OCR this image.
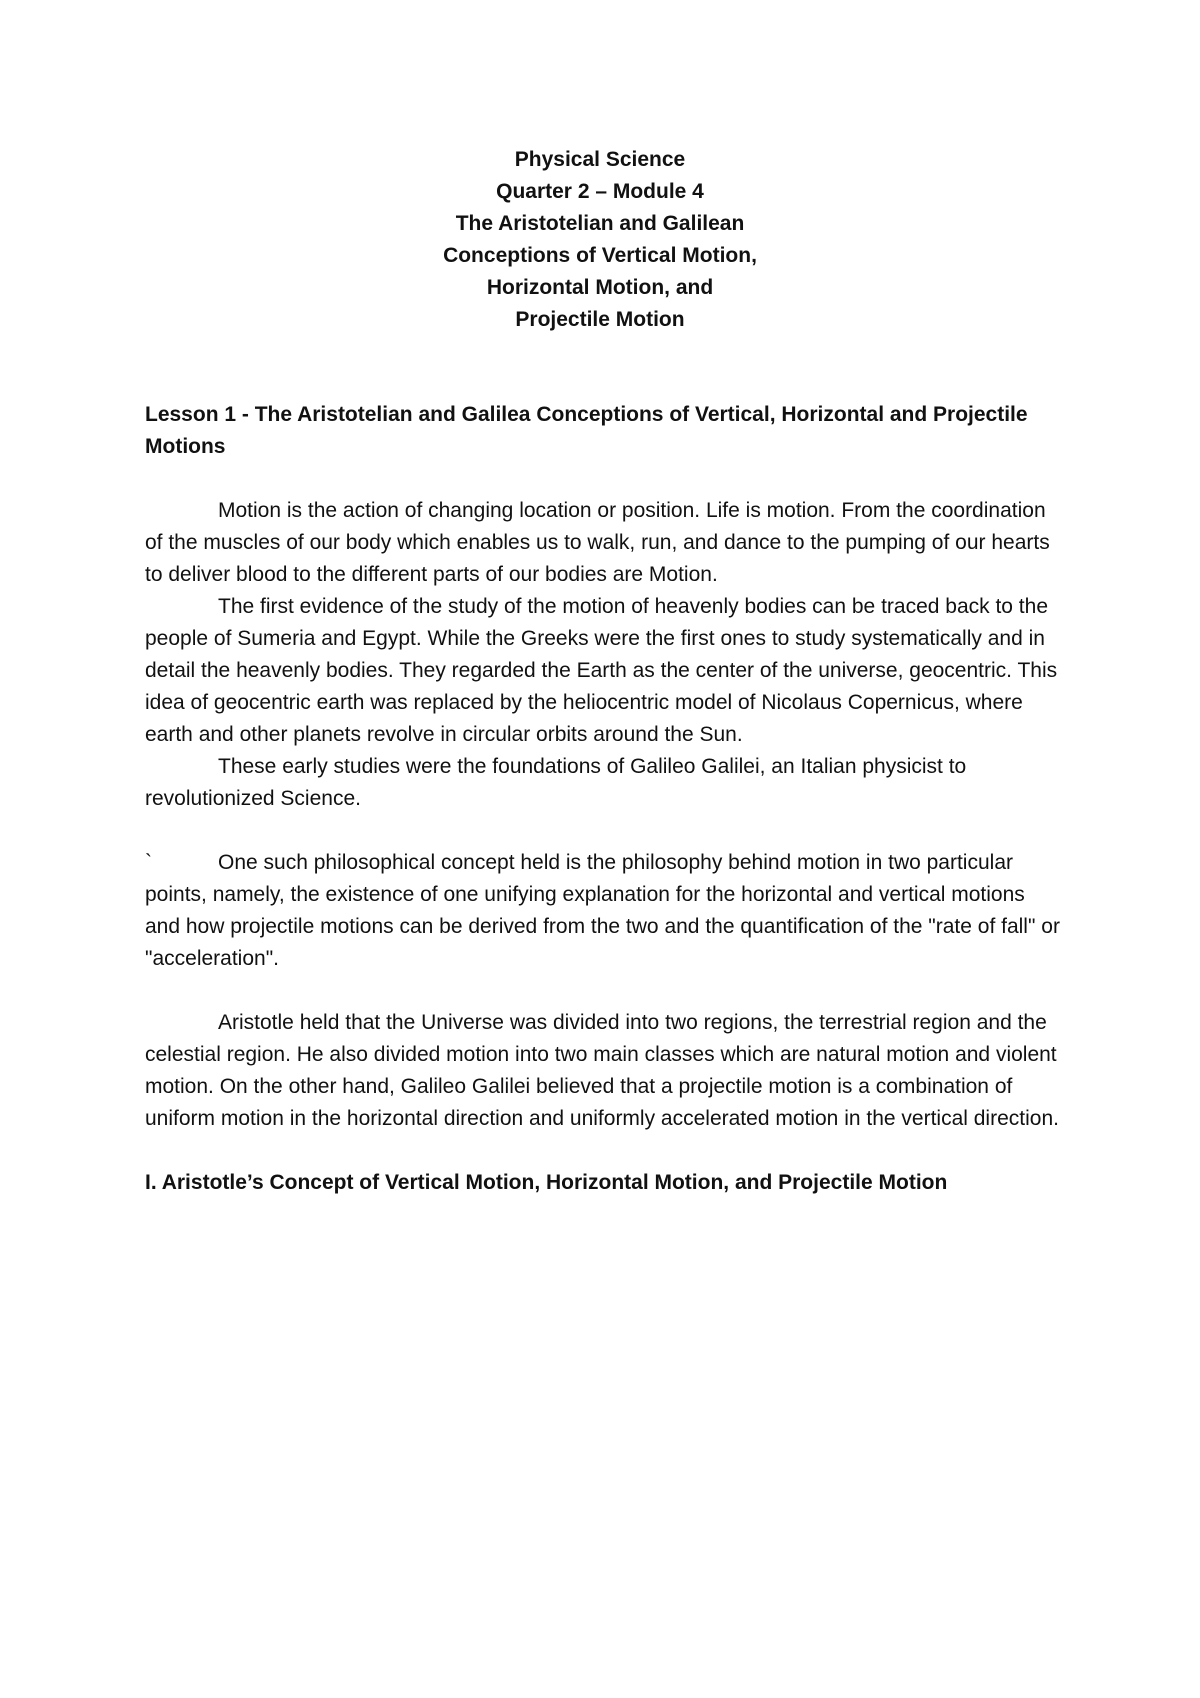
Physical Science
Quarter 2 – Module 4
The Aristotelian and Galilean
Conceptions of Vertical Motion,
Horizontal Motion, and
Projectile Motion

Lesson 1 - The Aristotelian and Galilea Conceptions of Vertical, Horizontal and Projectile Motions

Motion is the action of changing location or position. Life is motion. From the coordination of the muscles of our body which enables us to walk, run, and dance to the pumping of our hearts to deliver blood to the different parts of our bodies are Motion.

The first evidence of the study of the motion of heavenly bodies can be traced back to the people of Sumeria and Egypt. While the Greeks were the first ones to study systematically and in detail the heavenly bodies. They regarded the Earth as the center of the universe, geocentric. This idea of geocentric earth was replaced by the heliocentric model of Nicolaus Copernicus, where earth and other planets revolve in circular orbits around the Sun.

These early studies were the foundations of Galileo Galilei, an Italian physicist to revolutionized Science.

`	One such philosophical concept held is the philosophy behind motion in two particular points, namely, the existence of one unifying explanation for the horizontal and vertical motions and how projectile motions can be derived from the two and the quantification of the "rate of fall" or "acceleration".

Aristotle held that the Universe was divided into two regions, the terrestrial region and the celestial region. He also divided motion into two main classes which are natural motion and violent motion. On the other hand, Galileo Galilei believed that a projectile motion is a combination of uniform motion in the horizontal direction and uniformly accelerated motion in the vertical direction.

I. Aristotle’s Concept of Vertical Motion, Horizontal Motion, and Projectile Motion
